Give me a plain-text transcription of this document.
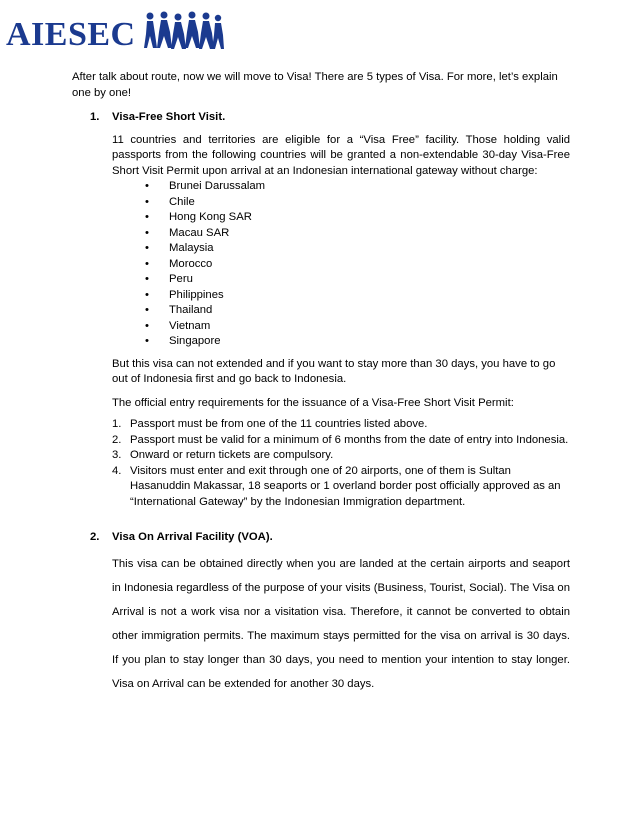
AIESEC

After talk about route, now we will move to Visa! There are 5 types of Visa. For more, let’s explain one by one!

1.	Visa-Free Short Visit.

11 countries and territories are eligible for a “Visa Free” facility. Those holding valid passports from the following countries will be granted a non-extendable 30-day Visa-Free Short Visit Permit upon arrival at an Indonesian international gateway without charge:

•	Brunei Darussalam
•	Chile
•	Hong Kong SAR
•	Macau SAR
•	Malaysia
•	Morocco
•	Peru
•	Philippines
•	Thailand
•	Vietnam
•	Singapore

But this visa can not extended and if you want to stay more than 30 days, you have to go out of Indonesia first and go back to Indonesia.

The official entry requirements for the issuance of a Visa-Free Short Visit Permit:

1. Passport must be from one of the 11 countries listed above.
2. Passport must be valid for a minimum of 6 months from the date of entry into Indonesia.
3. Onward or return tickets are compulsory.
4. Visitors must enter and exit through one of 20 airports, one of them is Sultan Hasanuddin Makassar, 18 seaports or 1 overland border post officially approved as an “International Gateway” by the Indonesian Immigration department.
2.	Visa On Arrival Facility (VOA).

This visa can be obtained directly when you are landed at the certain airports and seaport in Indonesia regardless of the purpose of your visits (Business, Tourist, Social). The Visa on Arrival is not a work visa nor a visitation visa. Therefore, it cannot be converted to obtain other immigration permits. The maximum stays permitted for the visa on arrival is 30 days. If you plan to stay longer than 30 days, you need to mention your intention to stay longer. Visa on Arrival can be extended for another 30 days.
